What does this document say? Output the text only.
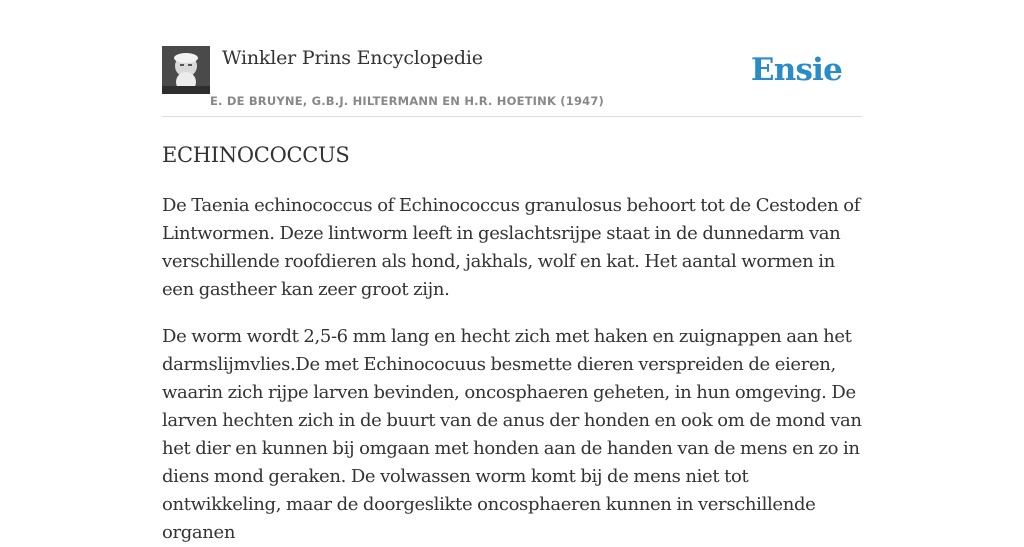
Winkler Prins Encyclopedie
E. DE BRUYNE, G.B.J. HILTERMANN EN H.R. HOETINK (1947)
Ensie
ECHINOCOCCUS

De Taenia echinococcus of Echinococcus granulosus behoort tot de Cestoden of Lintwormen. Deze lintworm leeft in geslachtsrijpe staat in de dunnedarm van verschillende roofdieren als hond, jakhals, wolf en kat. Het aantal wormen in een gastheer kan zeer groot zijn.

De worm wordt 2,5-6 mm lang en hecht zich met haken en zuignappen aan het darmslijmvlies.De met Echinococuus besmette dieren verspreiden de eieren, waarin zich rijpe larven bevinden, oncosphaeren geheten, in hun omgeving. De larven hechten zich in de buurt van de anus der honden en ook om de mond van het dier en kunnen bij omgaan met honden aan de handen van de mens en zo in diens mond geraken. De volwassen worm komt bij de mens niet tot ontwikkeling, maar de doorgeslikte oncosphaeren kunnen in verschillende organen
